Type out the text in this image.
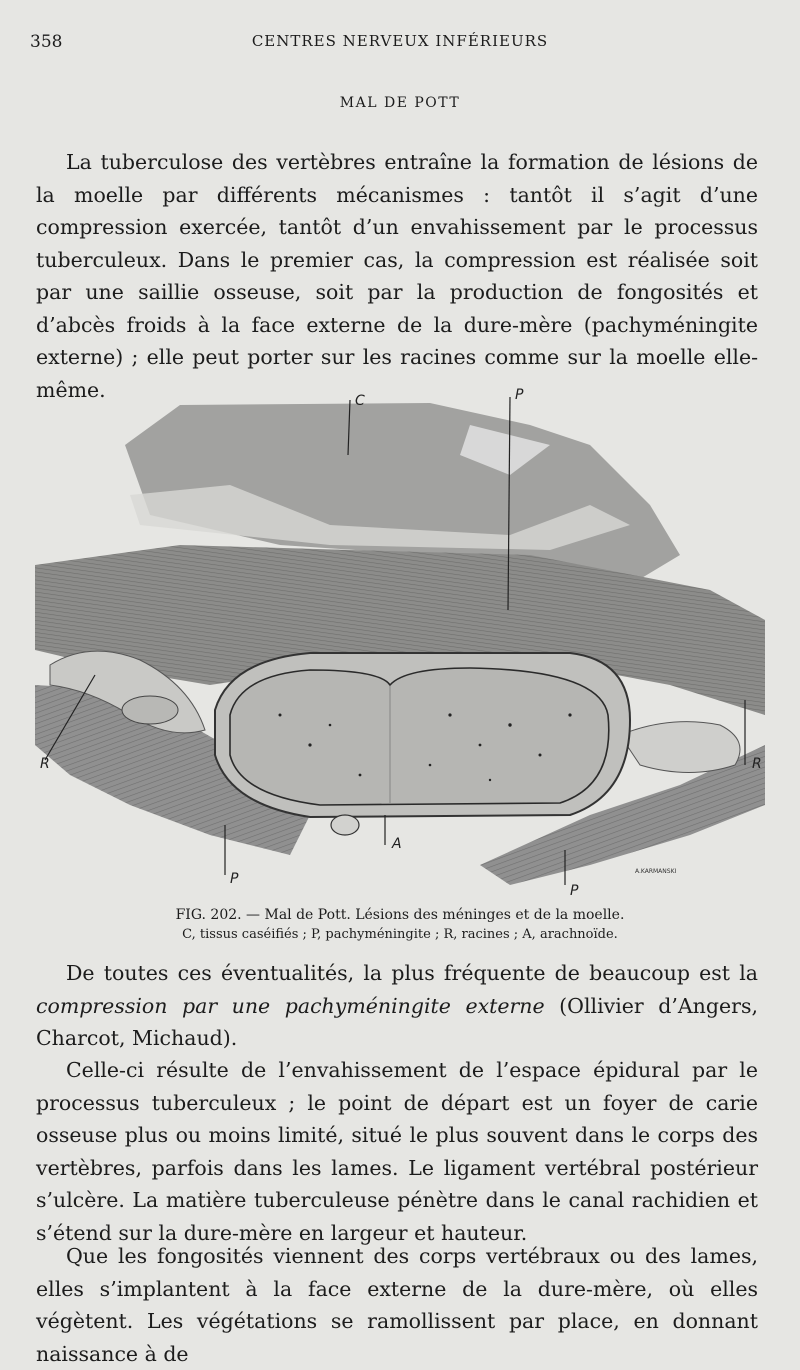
358	CENTRES NERVEUX INFÉRIEURS
MAL DE POTT

La tuberculose des vertèbres entraîne la formation de lésions de la moelle par différents mécanismes : tantôt il s’agit d’une compression exercée, tantôt d’un envahissement par le processus tuberculeux. Dans le premier cas, la compression est réalisée soit par une saillie osseuse, soit par la production de fongosités et d’abcès froids à la face externe de la dure-mère (pachyméningite externe) ; elle peut porter sur les racines comme sur la moelle elle-même.	C	P
R	R
A
P
P
A.KARMANSKI
FIG. 202. — Mal de Pott. Lésions des méninges et de la moelle.
C, tissus caséifiés ; P, pachyméningite ; R, racines ; A, arachnoïde.

De toutes ces éventualités, la plus fréquente de beaucoup est la compression par une pachyméningite externe (Ollivier d’Angers, Charcot, Michaud).

Celle-ci résulte de l’envahissement de l’espace épidural par le processus tuberculeux ; le point de départ est un foyer de carie osseuse plus ou moins limité, situé le plus souvent dans le corps des vertèbres, parfois dans les lames. Le ligament vertébral postérieur s’ulcère. La matière tuberculeuse pénètre dans le canal rachidien et s’étend sur la dure-mère en largeur et hauteur.

Que les fongosités viennent des corps vertébraux ou des lames, elles s’implantent à la face externe de la dure-mère, où elles végètent. Les végétations se ramollissent par place, en donnant naissance à de
